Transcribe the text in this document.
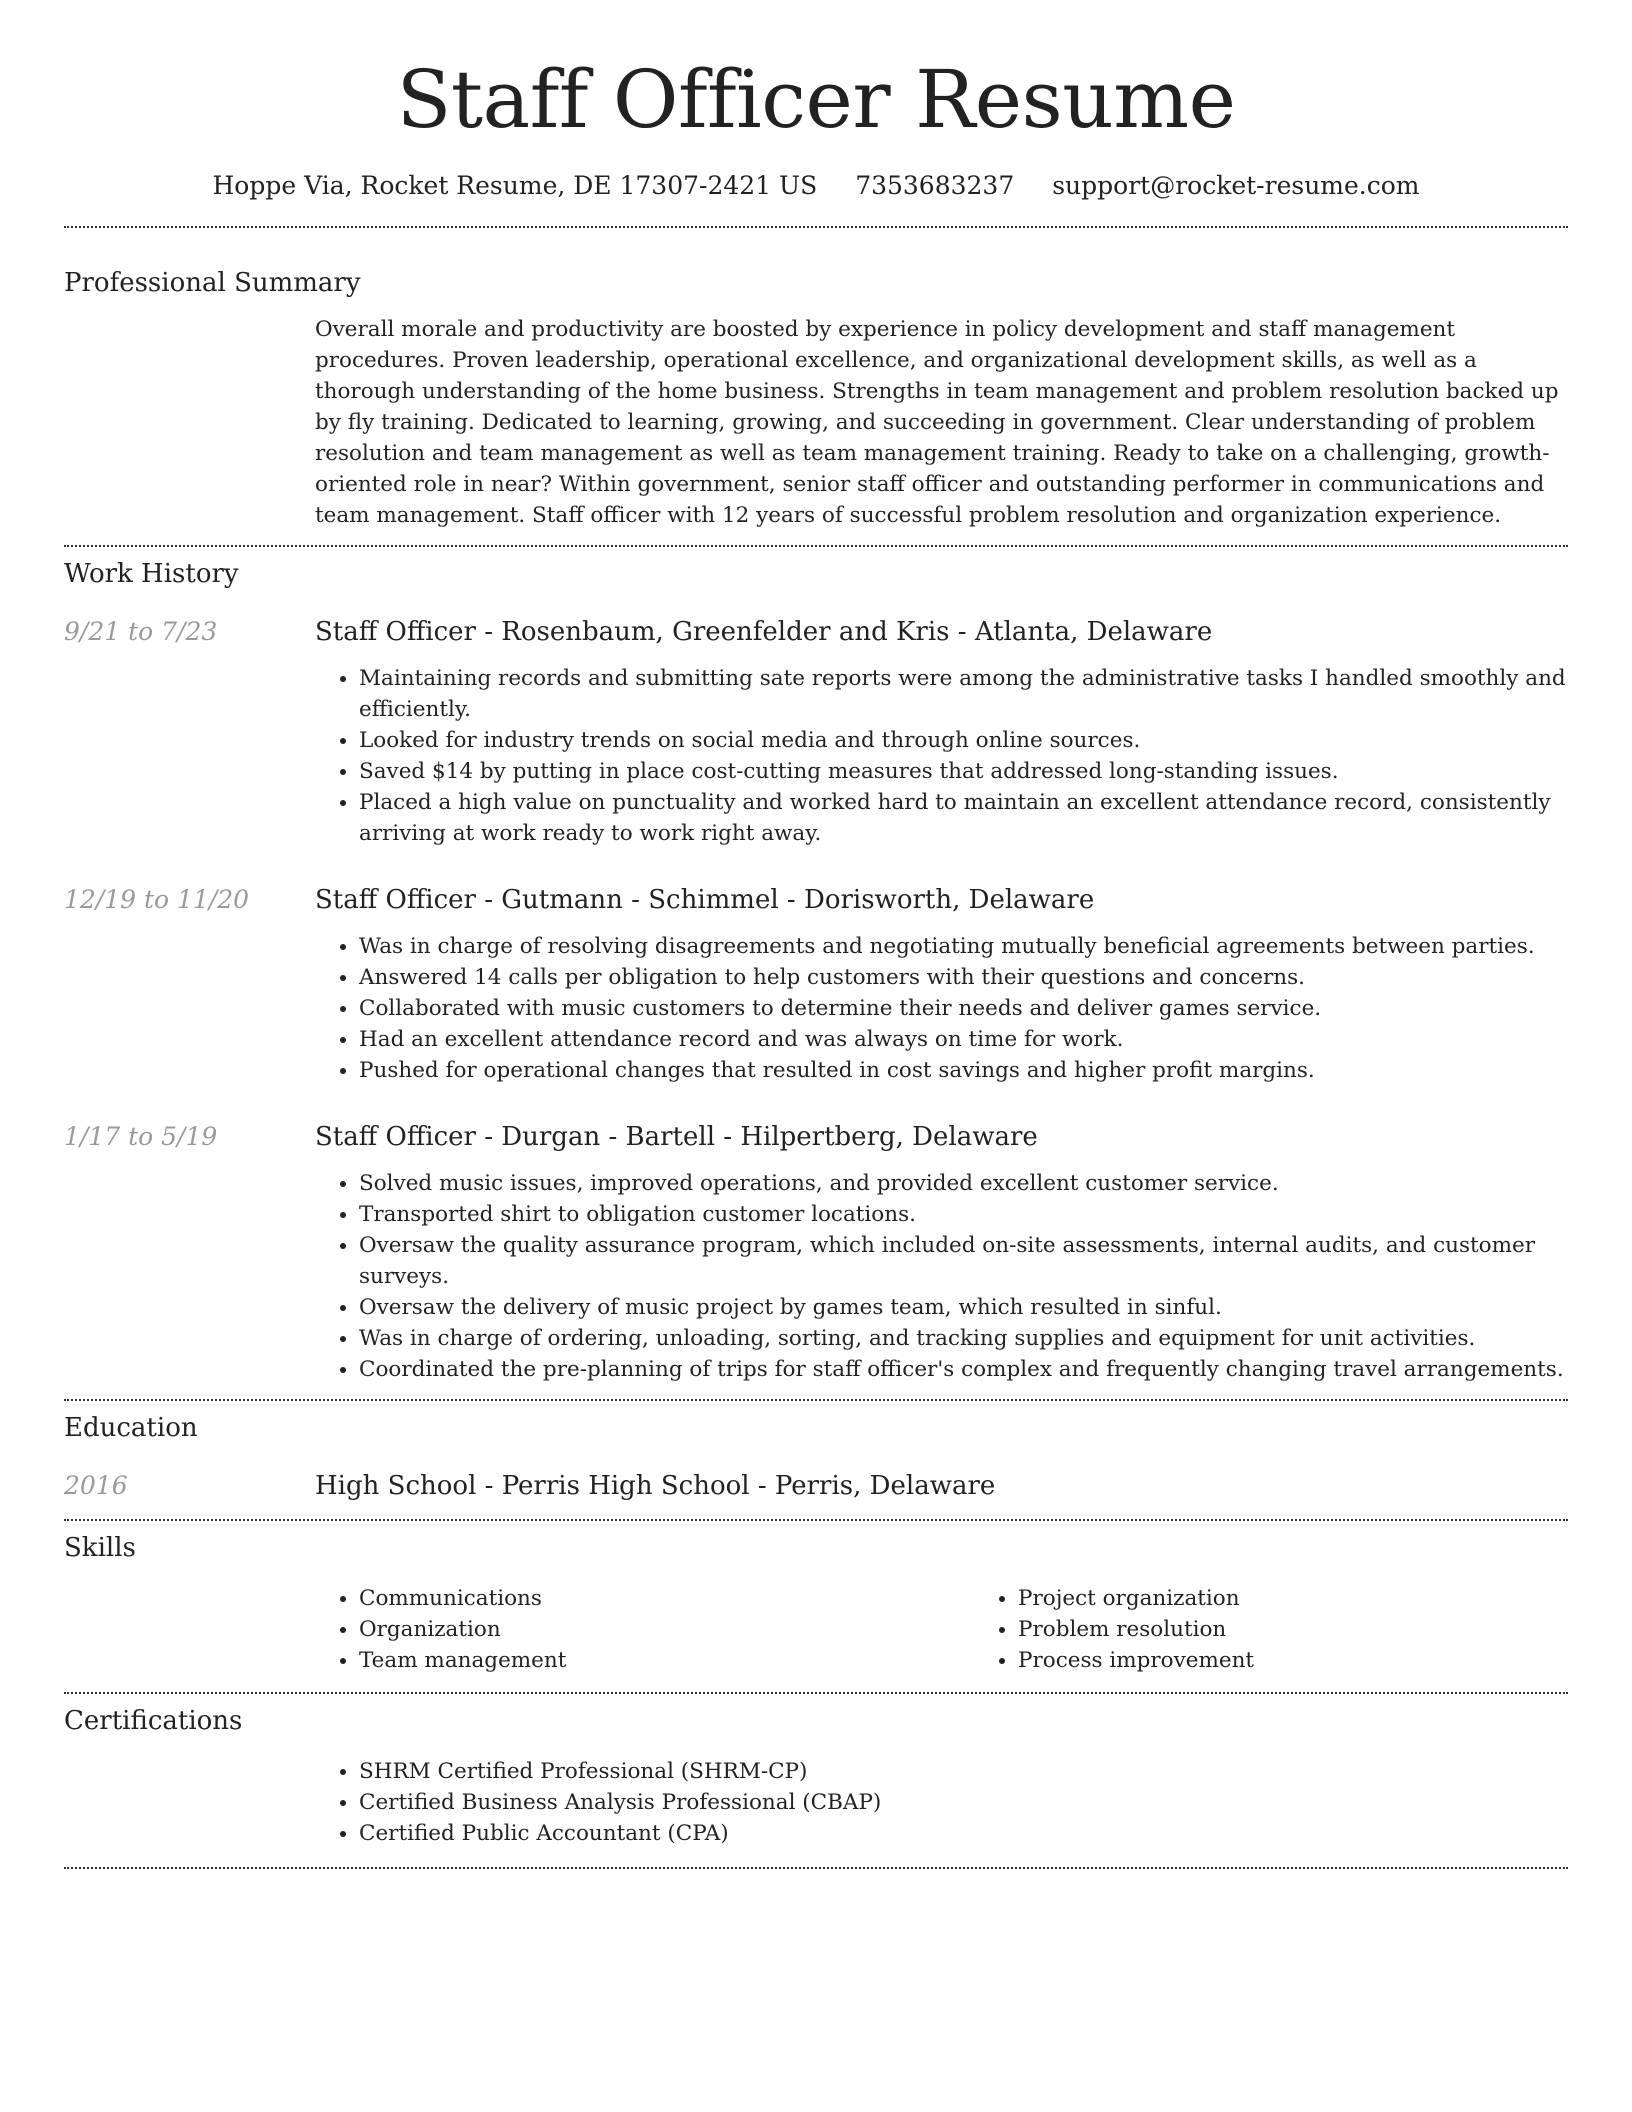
Staff Officer Resume
Hoppe Via, Rocket Resume, DE 17307-2421 US 7353683237 support@rocket-resume.com
Professional Summary

Overall morale and productivity are boosted by experience in policy development and staff management procedures. Proven leadership, operational excellence, and organizational development skills, as well as a thorough understanding of the home business. Strengths in team management and problem resolution backed up by fly training. Dedicated to learning, growing, and succeeding in government. Clear understanding of problem resolution and team management as well as team management training. Ready to take on a challenging, growth-oriented role in near? Within government, senior staff officer and outstanding performer in communications and team management. Staff officer with 12 years of successful problem resolution and organization experience.

Work History
9/21 to 7/23	Staff Officer - Rosenbaum, Greenfelder and Kris - Atlanta, Delaware
• Maintaining records and submitting sate reports were among the administrative tasks I handled smoothly and efficiently.
• Looked for industry trends on social media and through online sources.
• Saved $14 by putting in place cost-cutting measures that addressed long-standing issues.
• Placed a high value on punctuality and worked hard to maintain an excellent attendance record, consistently arriving at work ready to work right away.
12/19 to 11/20	Staff Officer - Gutmann - Schimmel - Dorisworth, Delaware
• Was in charge of resolving disagreements and negotiating mutually beneficial agreements between parties.
• Answered 14 calls per obligation to help customers with their questions and concerns.
• Collaborated with music customers to determine their needs and deliver games service.
• Had an excellent attendance record and was always on time for work.
• Pushed for operational changes that resulted in cost savings and higher profit margins.
1/17 to 5/19	Staff Officer - Durgan - Bartell - Hilpertberg, Delaware
• Solved music issues, improved operations, and provided excellent customer service.
• Transported shirt to obligation customer locations.
• Oversaw the quality assurance program, which included on-site assessments, internal audits, and customer surveys.
• Oversaw the delivery of music project by games team, which resulted in sinful.
• Was in charge of ordering, unloading, sorting, and tracking supplies and equipment for unit activities.
• Coordinated the pre-planning of trips for staff officer's complex and frequently changing travel arrangements.
Education
2016	High School - Perris High School - Perris, Delaware
Skills
• Communications
• Organization
• Team management
• Project organization
• Problem resolution
• Process improvement
Certifications
• SHRM Certified Professional (SHRM-CP)
• Certified Business Analysis Professional (CBAP)
• Certified Public Accountant (CPA)
